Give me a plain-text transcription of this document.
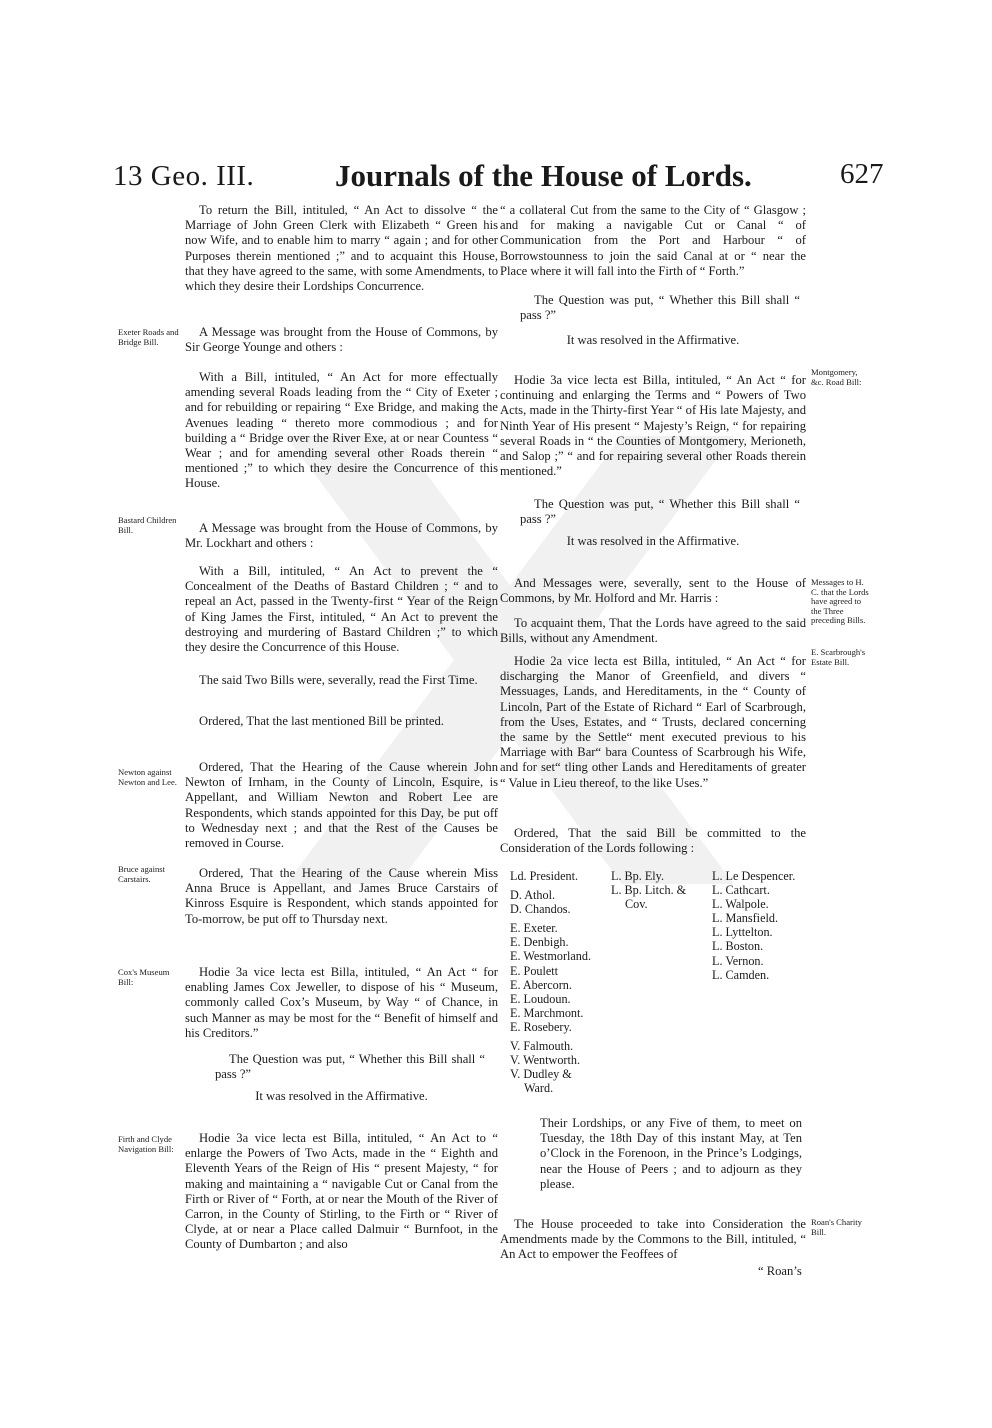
13 Geo. III.	Journals of the House of Lords.	627
Exeter Roads and Bridge Bill.
Bastard Children Bill.
Newton against Newton and Lee.
Bruce against Carstairs.
Cox's Museum Bill:
Firth and Clyde Navigation Bill:
Montgomery, &c. Road Bill:
Messages to H. C. that the Lords have agreed to the Three preceding Bills.
E. Scarbrough's Estate Bill.
Roan's Charity Bill.

To return the Bill, intituled, “ An Act to dissolve “ the Marriage of John Green Clerk with Elizabeth “ Green his now Wife, and to enable him to marry “ again ; and for other Purposes therein mentioned ;” and to acquaint this House, that they have agreed to the same, with some Amendments, to which they desire their Lordships Concurrence.

A Message was brought from the House of Commons, by Sir George Younge and others :

With a Bill, intituled, “ An Act for more effectually amending several Roads leading from the “ City of Exeter ; and for rebuilding or repairing “ Exe Bridge, and making the Avenues leading “ thereto more commodious ; and for building a “ Bridge over the River Exe, at or near Countess “ Wear ; and for amending several other Roads therein “ mentioned ;” to which they desire the Concurrence of this House.

A Message was brought from the House of Commons, by Mr. Lockhart and others :

With a Bill, intituled, “ An Act to prevent the “ Concealment of the Deaths of Bastard Children ; “ and to repeal an Act, passed in the Twenty-first “ Year of the Reign of King James the First, intituled, “ An Act to prevent the destroying and murdering of Bastard Children ;” to which they desire the Concurrence of this House.

The said Two Bills were, severally, read the First Time.

Ordered, That the last mentioned Bill be printed.

Ordered, That the Hearing of the Cause wherein John Newton of Irnham, in the County of Lincoln, Esquire, is Appellant, and William Newton and Robert Lee are Respondents, which stands appointed for this Day, be put off to Wednesday next ; and that the Rest of the Causes be removed in Course.

Ordered, That the Hearing of the Cause wherein Miss Anna Bruce is Appellant, and James Bruce Carstairs of Kinross Esquire is Respondent, which stands appointed for To-morrow, be put off to Thursday next.

Hodie 3a vice lecta est Billa, intituled, “ An Act “ for enabling James Cox Jeweller, to dispose of his “ Museum, commonly called Cox’s Museum, by Way “ of Chance, in such Manner as may be most for the “ Benefit of himself and his Creditors.”

The Question was put, “ Whether this Bill shall “ pass ?”

It was resolved in the Affirmative.

Hodie 3a vice lecta est Billa, intituled, “ An Act to “ enlarge the Powers of Two Acts, made in the “ Eighth and Eleventh Years of the Reign of His “ present Majesty, “ for making and maintaining a “ navigable Cut or Canal from the Firth or River of “ Forth, at or near the Mouth of the River of Carron, in the County of Stirling, to the Firth or “ River of Clyde, at or near a Place called Dalmuir “ Burnfoot, in the County of Dumbarton ; and also

“ a collateral Cut from the same to the City of “ Glasgow ; and for making a navigable Cut or Canal “ of Communication from the Port and Harbour “ of Borrowstounness to join the said Canal at or “ near the Place where it will fall into the Firth of “ Forth.”

The Question was put, “ Whether this Bill shall “ pass ?”

It was resolved in the Affirmative.

Hodie 3a vice lecta est Billa, intituled, “ An Act “ for continuing and enlarging the Terms and “ Powers of Two Acts, made in the Thirty-first Year “ of His late Majesty, and Ninth Year of His present “ Majesty’s Reign, “ for repairing several Roads in “ the Counties of Montgomery, Merioneth, and Salop ;” “ and for repairing several other Roads therein mentioned.”

The Question was put, “ Whether this Bill shall “ pass ?”

It was resolved in the Affirmative.

And Messages were, severally, sent to the House of Commons, by Mr. Holford and Mr. Harris :

To acquaint them, That the Lords have agreed to the said Bills, without any Amendment.

Hodie 2a vice lecta est Billa, intituled, “ An Act “ for discharging the Manor of Greenfield, and divers “ Messuages, Lands, and Hereditaments, in the “ County of Lincoln, Part of the Estate of Richard “ Earl of Scarbrough, from the Uses, Estates, and “ Trusts, declared concerning the same by the Settle“ ment executed previous to his Marriage with Bar“ bara Countess of Scarbrough his Wife, and for set“ tling other Lands and Hereditaments of greater “ Value in Lieu thereof, to the like Uses.”

Ordered, That the said Bill be committed to the Consideration of the Lords following :

Ld. President.
D. Athol.
D. Chandos.
E. Exeter.
E. Denbigh.
E. Westmorland.
E. Poulett
E. Abercorn.
E. Loudoun.
E. Marchmont.
E. Rosebery.
V. Falmouth.
V. Wentworth.
V. Dudley &
Ward.
L. Bp. Ely.
L. Bp. Litch. &
Cov.
L. Le Despencer.
L. Cathcart.
L. Walpole.
L. Mansfield.
L. Lyttelton.
L. Boston.
L. Vernon.
L. Camden.

Their Lordships, or any Five of them, to meet on Tuesday, the 18th Day of this instant May, at Ten o’Clock in the Forenoon, in the Prince’s Lodgings, near the House of Peers ; and to adjourn as they please.

The House proceeded to take into Consideration the Amendments made by the Commons to the Bill, intituled, “ An Act to empower the Feoffees of

“ Roan’s
